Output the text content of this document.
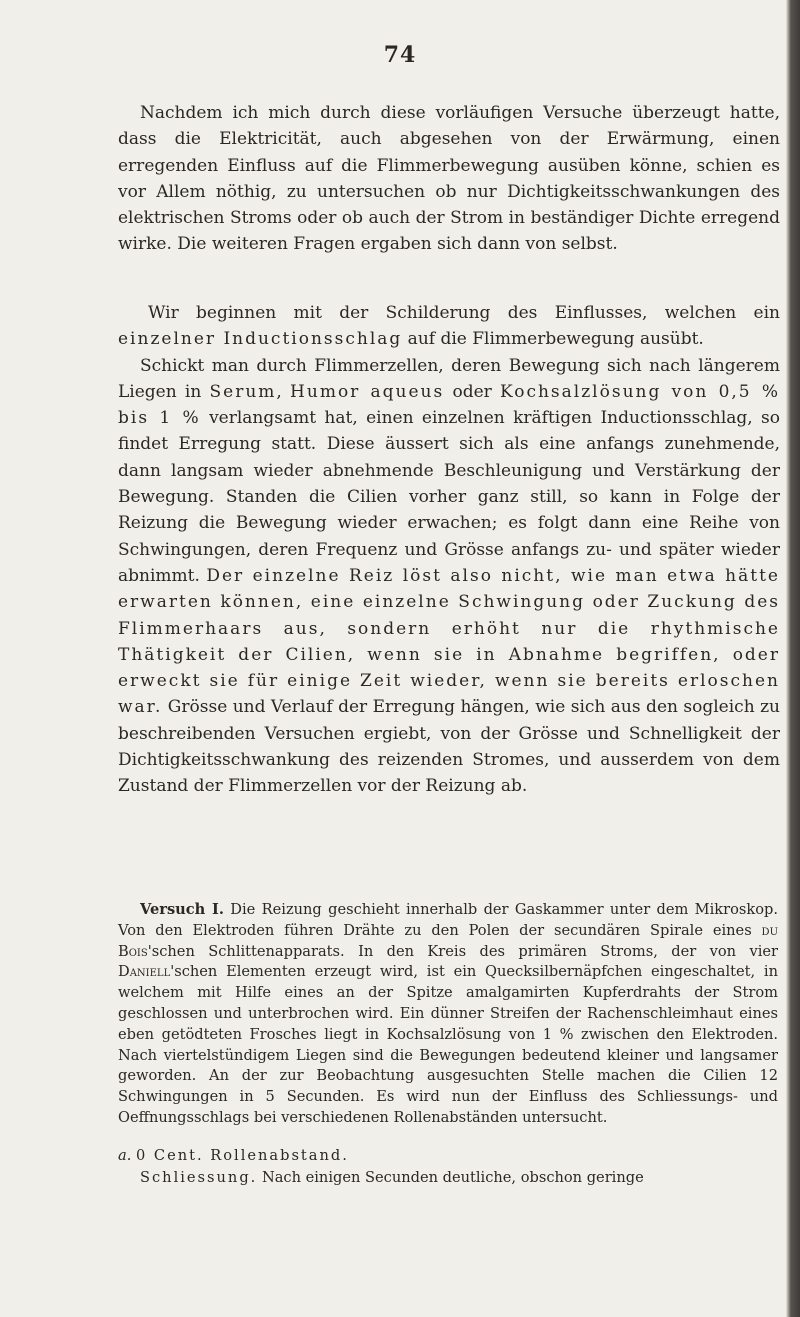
74
Nachdem ich mich durch diese vorläufigen Versuche überzeugt hatte, dass die Elektricität, auch abgesehen von der Erwärmung, einen erregenden Einfluss auf die Flimmerbewegung ausüben könne, schien es vor Allem nöthig, zu untersuchen ob nur Dichtigkeitsschwankungen des elektrischen Stroms oder ob auch der Strom in beständiger Dichte erregend wirke. Die weiteren Fragen ergaben sich dann von selbst.
Wir beginnen mit der Schilderung des Einflusses, welchen ein einzelner Inductionsschlag auf die Flimmerbewegung ausübt.
Schickt man durch Flimmerzellen, deren Bewegung sich nach längerem Liegen in Serum, Humor aqueus oder Kochsalzlösung von 0,5 % bis 1 % verlangsamt hat, einen einzelnen kräftigen Inductionsschlag, so findet Erregung statt. Diese äussert sich als eine anfangs zunehmende, dann langsam wieder abnehmende Beschleunigung und Verstärkung der Bewegung. Standen die Cilien vorher ganz still, so kann in Folge der Reizung die Bewegung wieder erwachen; es folgt dann eine Reihe von Schwingungen, deren Frequenz und Grösse anfangs zu- und später wieder abnimmt. Der einzelne Reiz löst also nicht, wie man etwa hätte erwarten können, eine einzelne Schwingung oder Zuckung des Flimmerhaars aus, sondern erhöht nur die rhythmische Thätigkeit der Cilien, wenn sie in Abnahme begriffen, oder erweckt sie für einige Zeit wieder, wenn sie bereits erloschen war. Grösse und Verlauf der Erregung hängen, wie sich aus den sogleich zu beschreibenden Versuchen ergiebt, von der Grösse und Schnelligkeit der Dichtigkeitsschwankung des reizenden Stromes, und ausserdem von dem Zustand der Flimmerzellen vor der Reizung ab.
Versuch I. Die Reizung geschieht innerhalb der Gaskammer unter dem Mikroskop. Von den Elektroden führen Drähte zu den Polen der secundären Spirale eines du Bois'schen Schlittenapparats. In den Kreis des primären Stroms, der von vier Daniell'schen Elementen erzeugt wird, ist ein Quecksilbernäpfchen eingeschaltet, in welchem mit Hilfe eines an der Spitze amalgamirten Kupferdrahts der Strom geschlossen und unterbrochen wird. Ein dünner Streifen der Rachenschleimhaut eines eben getödteten Frosches liegt in Kochsalzlösung von 1 % zwischen den Elektroden. Nach viertelstündigem Liegen sind die Bewegungen bedeutend kleiner und langsamer geworden. An der zur Beobachtung ausgesuchten Stelle machen die Cilien 12 Schwingungen in 5 Secunden. Es wird nun der Einfluss des Schliessungs- und Oeffnungsschlags bei verschiedenen Rollenabständen untersucht.
a. 0 Cent. Rollenabstand.
Schliessung. Nach einigen Secunden deutliche, obschon geringe
